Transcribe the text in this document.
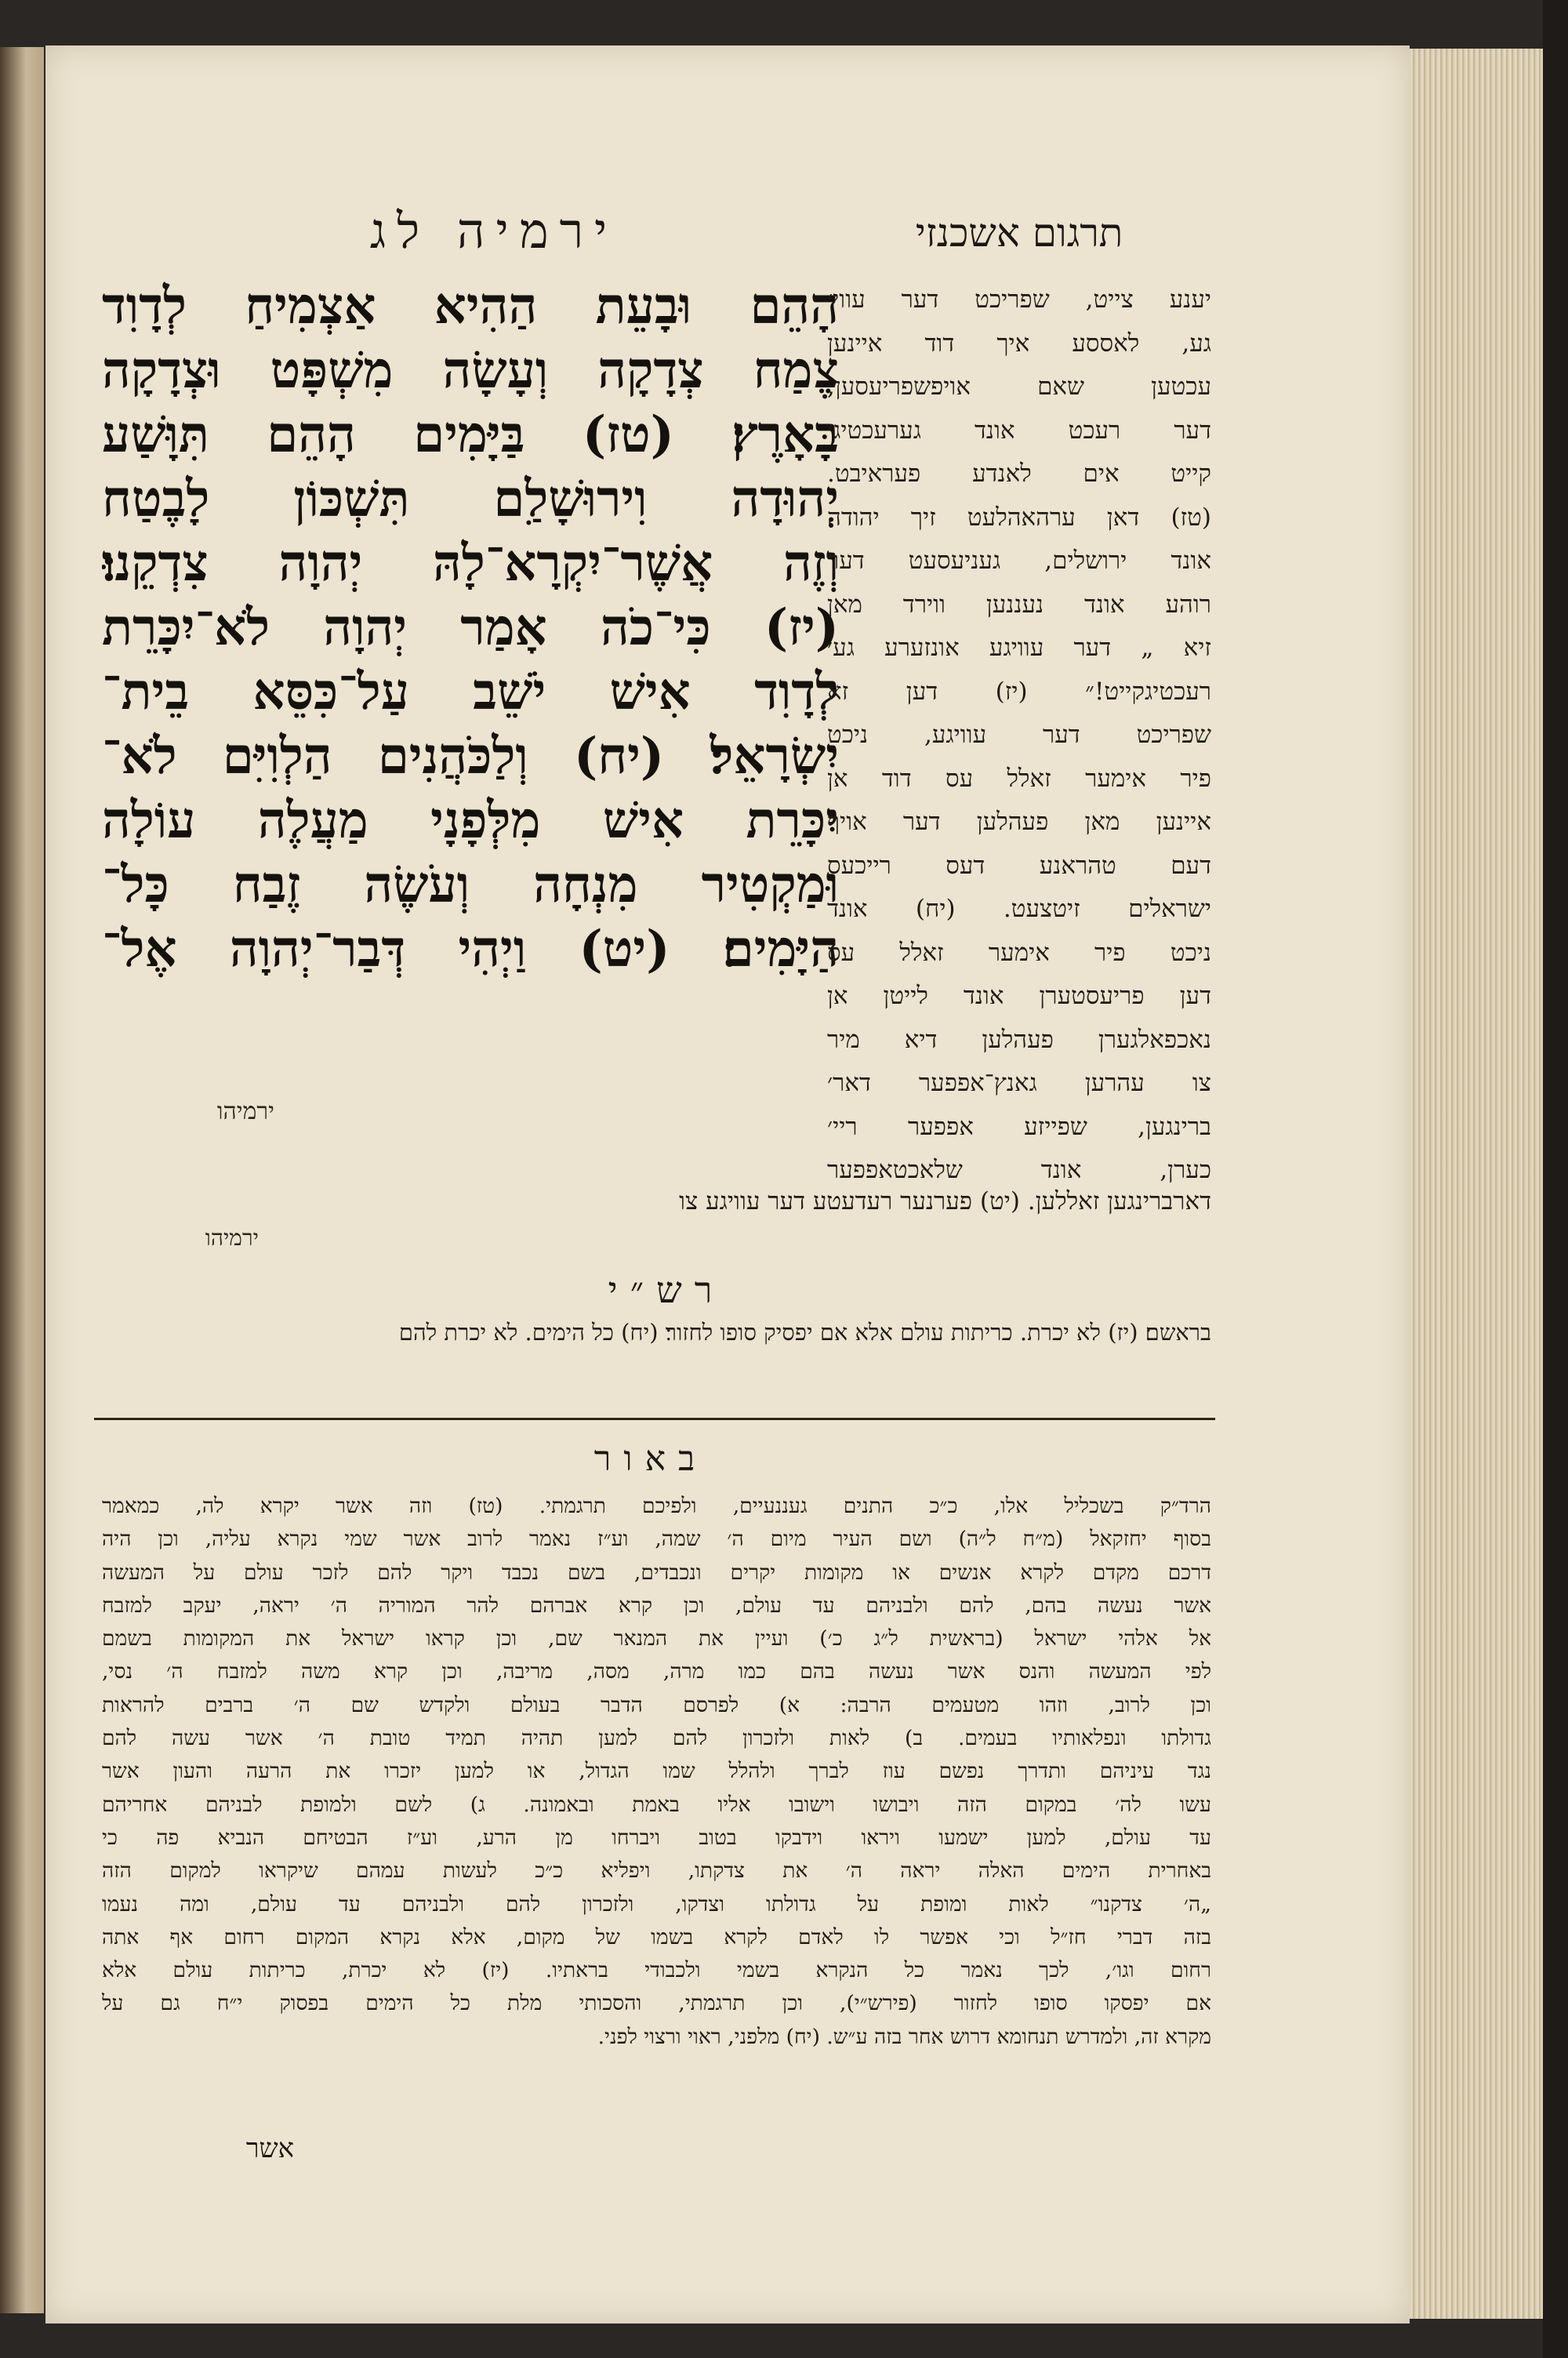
ירמיה לג	תרגום אשכנזי
הָהֵם וּבָעֵת הַהִיא אַצְמִיחַ לְדָוִד
צֶמַח צְדָקָה וְעָשָׂה מִשְׁפָּט וּצְדָקָה
בָּאָרֶץ׃ (טז) בַּיָּמִים הָהֵם תִּוָּשַׁע
יְהוּדָה וִירוּשָׁלַ͏ִם תִּשְׁכּוֹן לָבֶטַח
וְזֶה אֲשֶׁר־יִקְרָא־לָהּ יְהוָה צִדְקֵנוּ׃
(יז) כִּי־כֹה אָמַר יְהוָה לֹא־יִכָּרֵת
לְדָוִד אִישׁ יֹשֵׁב עַל־כִּסֵּא בֵית־
יִשְׂרָאֵל׃ (יח) וְלַכֹּהֲנִים הַלְוִיִּם לֹא־
יִכָּרֵת אִישׁ מִלְּפָנָי מַעֲלֶה עוֹלָה
וּמַקְטִיר מִנְחָה וְעֹשֶׂה זֶבַח כָּל־
הַיָּמִים׃ (יט) וַיְהִי דְּבַר־יְהוָה אֶל־
ירמיהו
יענע צייט, שפריכט דער עווי׳
גע, לאססע איך דוד איינען
עכטען שאם אויפשפריעסען,
דער רעכט אונד גערעכטיג׳
קייט אים לאנדע פעראיבט.
(טז) דאן ערהאהלעט זיך יהודה
אונד ירושלים, געניעסעט דער
רוהע אונד נעננען ווירד מאן
זיא „ דער עוויגע אונזערע גע׳
רעכטיגקייט!״ (יז) דען זא
שפריכט דער עוויגע, ניכט
פיר אימער זאלל עס דוד אן
איינען מאן פעהלען דער אויף
דעם טהראנע דעס רייכעס
ישראלים זיטצעט. (יח) אונד
ניכט פיר אימער זאלל עס
דען פריעסטערן אונד לייטן אן
נאכפאלגערן פעהלען דיא מיר
צו עהרען גאנץ־אפפער דאר׳
ברינגען, שפייזע אפפער ריי׳
כערן, אונד שלאכטאפפער
דארברינגען זאללען. (יט) פערנער רעדעטע דער עוויגע צו
ירמיהו
רש״י
בראשם׃ (יז) לא יכרת. כריתות עולם אלא אם יפסיק סופו לחזור׃ (יח) כל הימים. לא יכרת להם
באור
הרד״ק בשכליל אלו, כ״כ התנים געננעיים, ולפיכם תרגמתי. (טז) וזה אשר יקרא לה, כמאמר
בסוף יחזקאל (מ״ח ל״ה) ושם העיר מיום ה׳ שמה, וע״ז נאמר לרוב אשר שמי נקרא עליה, וכן היה
דרכם מקדם לקרא אנשים או מקומות יקרים ונכבדים, בשם נכבד ויקר להם לזכר עולם על המעשה
אשר נעשה בהם, להם ולבניהם עד עולם, וכן קרא אברהם להר המוריה ה׳ יראה, יעקב למזבח
אל אלהי ישראל (בראשית ל״ג כ׳) ועיין את המנאר שם, וכן קראו ישראל את המקומות בשמם
לפי המעשה והנס אשר נעשה בהם כמו מרה, מסה, מריבה, וכן קרא משה למזבח ה׳ נסי,
וכן לרוב, וזהו מטעמים הרבה: א) לפרסם הדבר בעולם ולקדש שם ה׳ ברבים להראות
גדולתו ונפלאותיו בעמים. ב) לאות ולזכרון להם למען תהיה תמיד טובת ה׳ אשר עשה להם
נגד עיניהם ותדרך נפשם עוז לברך ולהלל שמו הגדול, או למען יזכרו את הרעה והעון אשר
עשו לה׳ במקום הזה ויבושו וישובו אליו באמת ובאמונה. ג) לשם ולמופת לבניהם אחריהם
עד עולם, למען ישמעו ויראו וידבקו בטוב ויברחו מן הרע, וע״ז הבטיחם הנביא פה כי
באחרית הימים האלה יראה ה׳ את צדקתו, ויפליא כ״כ לעשות עמהם שיקראו למקום הזה
„ה׳ צדקנו״ לאות ומופת על גדולתו וצדקו, ולזכרון להם ולבניהם עד עולם, ומה נעמו
בזה דברי חז״ל וכי אפשר לו לאדם לקרא בשמו של מקום, אלא נקרא המקום רחום אף אתה
רחום וגו׳, לכך נאמר כל הנקרא בשמי ולכבודי בראתיו. (יז) לא יכרת, כריתות עולם אלא
אם יפסקו סופו לחזור (פירש״י), וכן תרגמתי, והסכותי מלת כל הימים בפסוק י״ח גם על
מקרא זה, ולמדרש תנחומא דרוש אחר בזה ע״ש. (יח) מלפני, ראוי ורצוי לפני.
אשר
